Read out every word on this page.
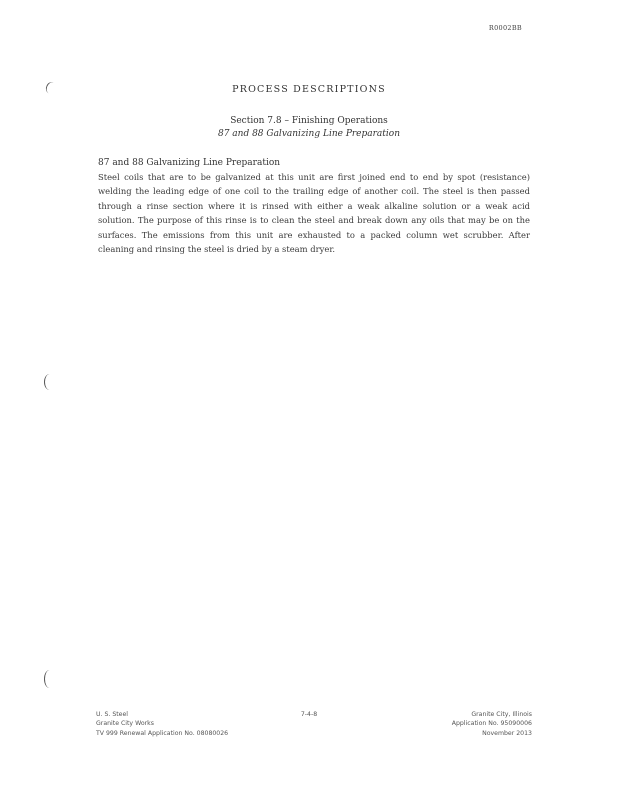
R0002BB
PROCESS DESCRIPTIONS
Section 7.8 – Finishing Operations
87 and 88 Galvanizing Line Preparation
87 and 88 Galvanizing Line Preparation
Steel coils that are to be galvanized at this unit are first joined end to end by spot (resistance) welding the leading edge of one coil to the trailing edge of another coil. The steel is then passed through a rinse section where it is rinsed with either a weak alkaline solution or a weak acid solution. The purpose of this rinse is to clean the steel and break down any oils that may be on the surfaces. The emissions from this unit are exhausted to a packed column wet scrubber. After cleaning and rinsing the steel is dried by a steam dryer.
U. S. Steel
Granite City Works
TV 999 Renewal Application No. 08080026
7-4-8	Granite City, Illinois
Application No. 95090006
November 2013
